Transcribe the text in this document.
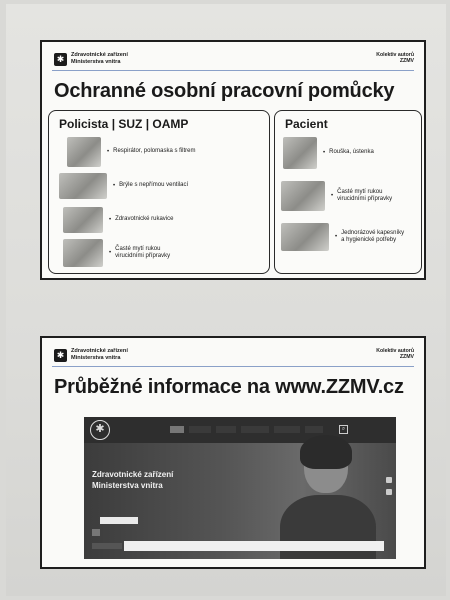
✱	Zdravotnické zařízení
Ministerstva vnitra
Kolektiv autorů
ZZMV
Ochranné osobní pracovní pomůcky
Policista | SUZ | OAMP
• Respirátor, polomaska s filtrem
• Brýle s nepřímou ventilací
• Zdravotnické rukavice
•
Časté mytí rukou
virucidními přípravky
Pacient
• Rouška, ústenka
•
Časté mytí rukou
virucidními přípravky
•
Jednorázové kapesníky
a hygienické potřeby
✱	Zdravotnické zařízení
Ministerstva vnitra
Kolektiv autorů
ZZMV
Průběžné informace na www.ZZMV.cz
✱	⌕
Zdravotnické zařízení
Ministerstva vnitra
